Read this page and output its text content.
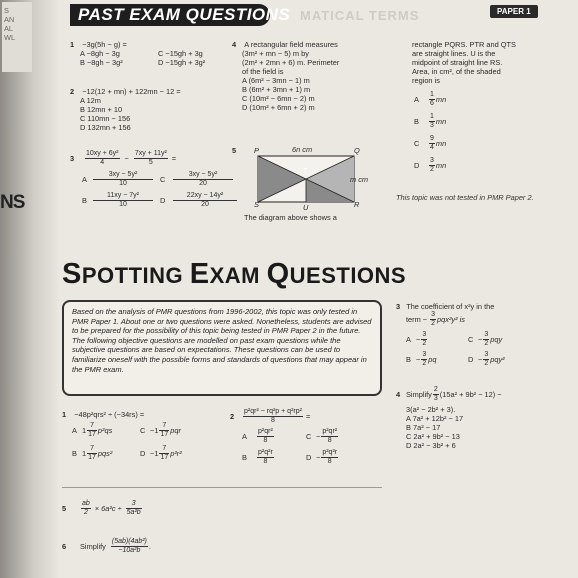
S
AN
AL
WL
NS
PAST EXAM QUESTIONS MATICAL TERMS	PAPER 1
1 −3g(5h − g) =
A −8gh − 3g
B −8gh − 3g²
C −15gh + 3g
D −15gh + 3g²
2 −12(12 + mn) + 122mn − 12 =
A 12m
B 12mn + 10
C 110mn − 156
D 132mn + 156
3	$\frac{\text{10xy + 6y²}}{4} - \frac{\text{7xy + 11y²}}{5}$ =
A $\frac{\text{3xy − 5y²}}{10}$ C	$\frac{\text{3xy − 5y²}}{20}$
B $\frac{\text{11xy − 7y²}}{10}$ D	$\frac{\text{22xy − 14y²}}{20}$
4 A rectangular field measures
(3m² + mn − 5) m by
(2m² + 2mn + 6) m. Perimeter
of the field is
A (6m² − 3mn − 1) m
B (6m² + 3mn + 1) m
C (10m² − 6mn − 2) m
D (10m² + 6mn + 2) m
5 P	Q
S	R
T
U
6n cm
m cm
The diagram above shows a
rectangle PQRS. PTR and QTS
are straight lines. U is the
midpoint of straight line RS.
Area, in cm², of the shaded
region is
A	$\frac{1}{6}$ mn
B	$\frac{1}{3}$ mn
C	$\frac{9}{4}$ mn
D	$\frac{3}{2}$ mn
This topic was not tested in PMR Paper 2.
SPOTTING EXAM QUESTIONS

Based on the analysis of PMR questions from 1996-2002, this topic was only tested in PMR Paper 1. About one or two questions were asked. Nonetheless, students are advised to be prepared for the possibility of this topic being tested in PMR Paper 2 in the future. The following objective questions are modelled on past exam questions while the subjective questions are based on expectations. These questions can be used to familiarize oneself with the possible forms and standards of questions that may appear in the PMR exam.

3 The coefficient of x²y in the
term − $\frac{3}{2} pqx^2y^2$ is
$A - \frac{3}{2}$	$C - \frac{3}{2}$ pqy
$B - \frac{3}{2}$ pq	$D - \frac{3}{2} pqy^2$
4 Simplify $\frac{2}{3} (15a^2 + 9b^2 - 12)$ −
3(a² − 2b² + 3).
A 7a² + 12b² − 17
B 7a² − 17
C 2a² + 9b² − 13
D 2a² − 3b² + 6
1 −48p²qrs² ÷ (−34rs) =
A $1 \frac{7}{17} p^2qs$	$C -1 \frac{7}{17}$ pqr
B $1 \frac{7}{17} pqs^2$	$D -1 \frac{7}{17} p^2r^2$
2	$\frac{\text{p²qr² − rq²p + q²rp²}}{8}$ =
A	$\frac{\text{p²qr²}}{8}$	$C - \frac{\text{p²qr²}}{8}$
B	$\frac{\text{p²q²r}}{8}$	$D - \frac{\text{p²q²r}}{8}$
5	$\frac{ab}{2} \times 6a^2c \div \frac{3}{\text{5a²b}}$
6	Simplify $\frac{\text{(5ab)(4ab²)}}{\text{−10a²b}}$ .
